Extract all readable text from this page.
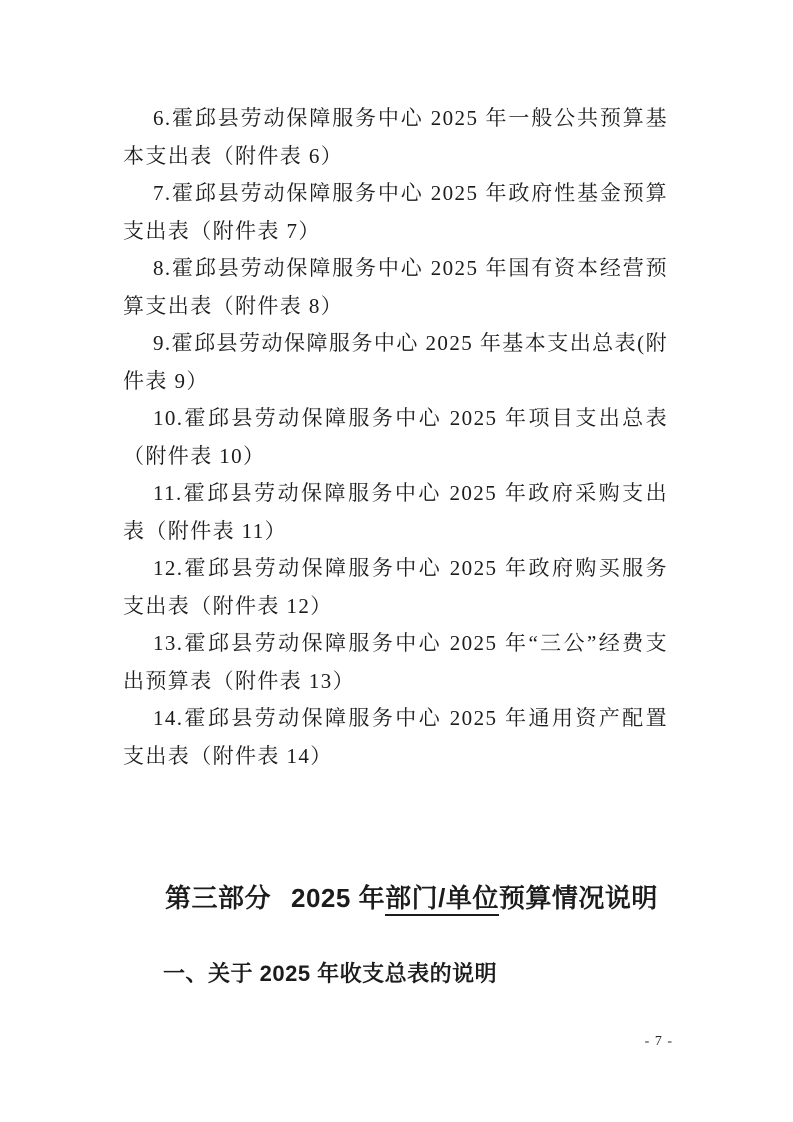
6.霍邱县劳动保障服务中心 2025 年一般公共预算基本支出表（附件表 6）

7.霍邱县劳动保障服务中心 2025 年政府性基金预算支出表（附件表 7）

8.霍邱县劳动保障服务中心 2025 年国有资本经营预算支出表（附件表 8）

9.霍邱县劳动保障服务中心 2025 年基本支出总表(附件表 9）

10.霍邱县劳动保障服务中心 2025 年项目支出总表（附件表 10）

11.霍邱县劳动保障服务中心 2025 年政府采购支出表（附件表 11）

12.霍邱县劳动保障服务中心 2025 年政府购买服务支出表（附件表 12）

13.霍邱县劳动保障服务中心 2025 年“三公”经费支出预算表（附件表 13）

14.霍邱县劳动保障服务中心 2025 年通用资产配置支出表（附件表 14）

第三部分 2025 年部门/单位预算情况说明
一、关于 2025 年收支总表的说明
- 7 -
